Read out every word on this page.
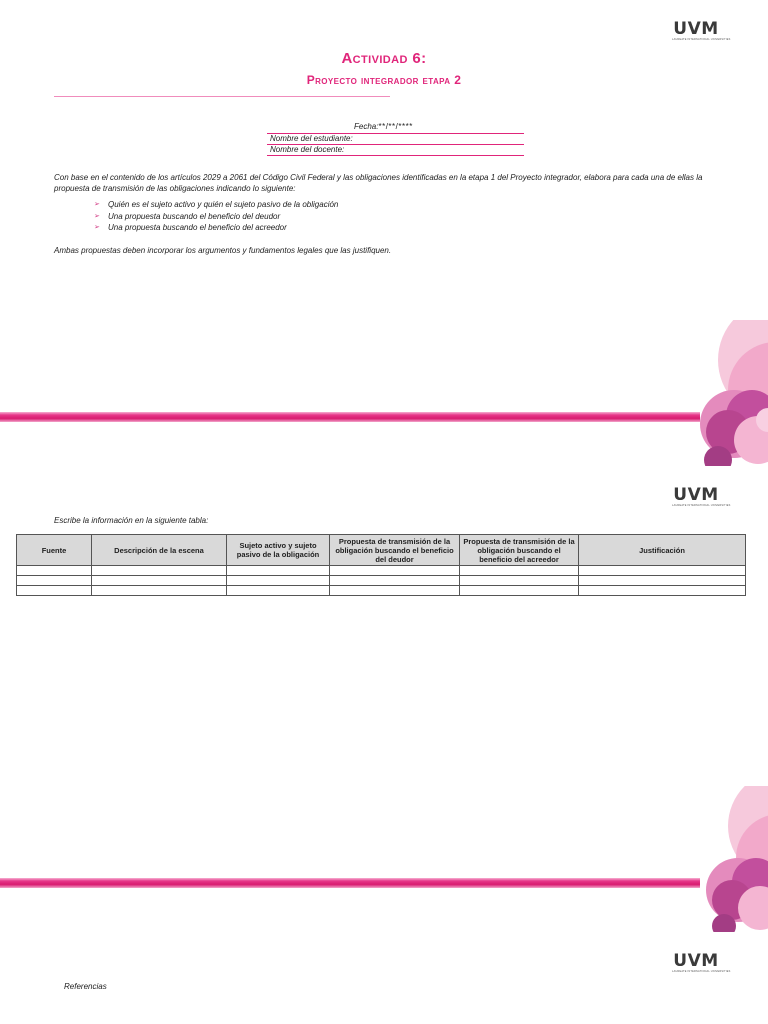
UVM
LAUREATE INTERNATIONAL UNIVERSITIES
Actividad 6:
Proyecto integrador etapa 2
Fecha:**/**/****
Nombre del estudiante:
Nombre del docente:
Con base en el contenido de los artículos 2029 a 2061 del Código Civil Federal y las obligaciones identificadas en la etapa 1 del Proyecto integrador, elabora para cada una de ellas la propuesta de transmisión de las obligaciones indicando lo siguiente:
➢ Quién es el sujeto activo y quién el sujeto pasivo de la obligación
➢ Una propuesta buscando el beneficio del deudor
➢ Una propuesta buscando el beneficio del acreedor
Ambas propuestas deben incorporar los argumentos y fundamentos legales que las justifiquen.
UVM
LAUREATE INTERNATIONAL UNIVERSITIES
Escribe la información en la siguiente tabla:
Fuente	Descripción de la escena	Sujeto activo y sujeto pasivo de la obligación	Propuesta de transmisión de la obligación buscando el beneficio del deudor	Propuesta de transmisión de la obligación buscando el beneficio del acreedor	Justificación

UVM
LAUREATE INTERNATIONAL UNIVERSITIES
Referencias
